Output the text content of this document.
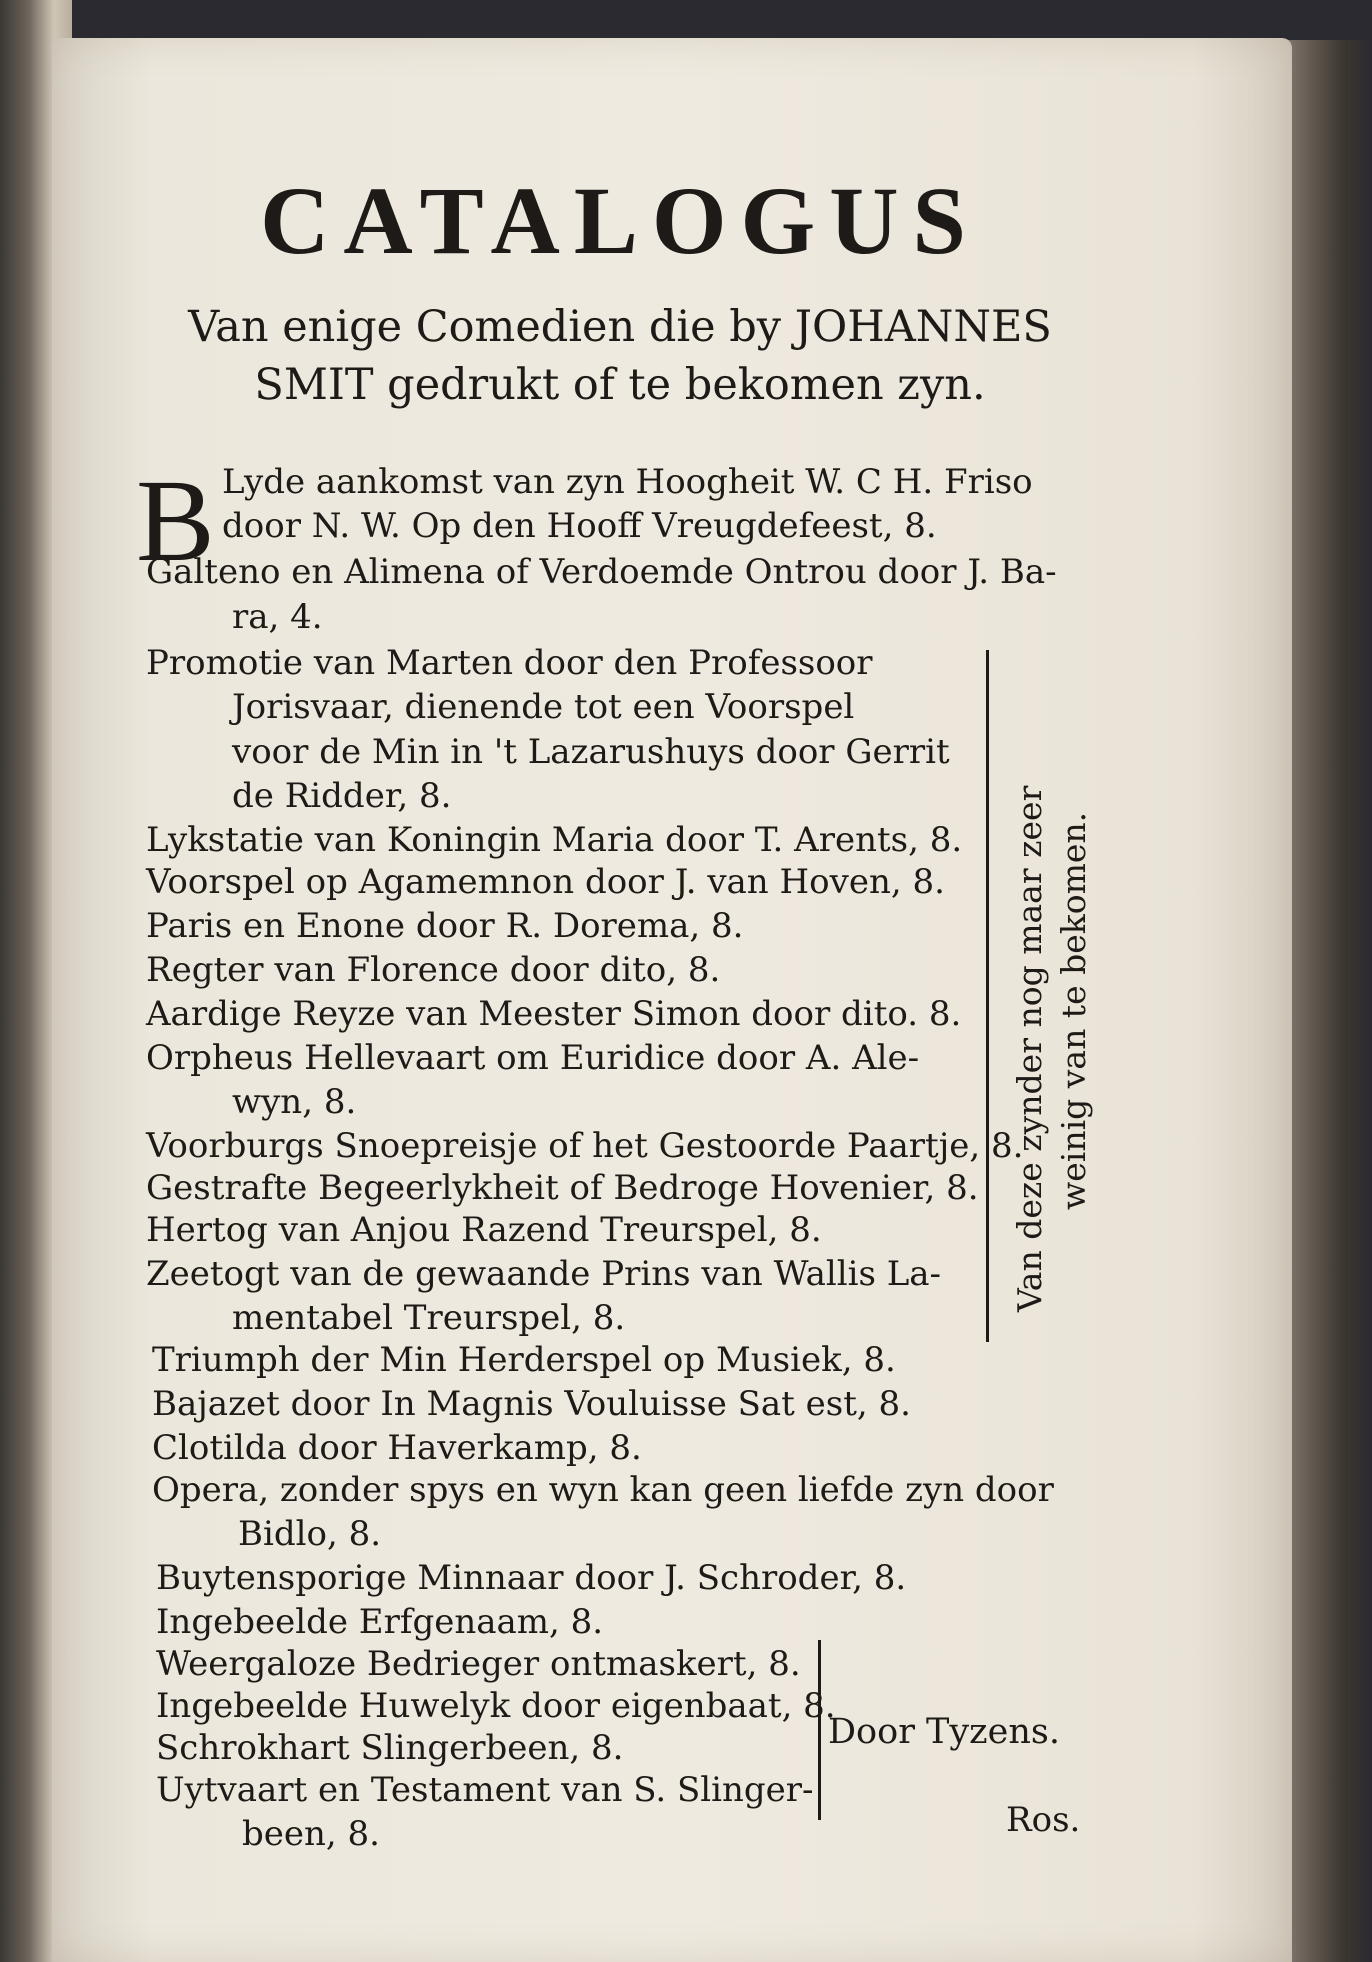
CATALOGUS
Van enige Comedien die by JOHANNES
SMIT gedrukt of te bekomen zyn.
B Lyde aankomst van zyn Hoogheit W. C H. Friso
door N. W. Op den Hooff Vreugdefeest, 8.
Galteno en Alimena of Verdoemde Ontrou door J. Ba-
ra, 4.
Promotie van Marten door den Professoor
Jorisvaar, dienende tot een Voorspel
voor de Min in 't Lazarushuys door Gerrit
de Ridder, 8.
Lykstatie van Koningin Maria door T. Arents, 8.
Voorspel op Agamemnon door J. van Hoven, 8.
Paris en Enone door R. Dorema, 8.
Regter van Florence door dito, 8.
Aardige Reyze van Meester Simon door dito. 8.
Orpheus Hellevaart om Euridice door A. Ale-
wyn, 8.
Voorburgs Snoepreisje of het Gestoorde Paartje, 8.
Gestrafte Begeerlykheit of Bedroge Hovenier, 8.
Hertog van Anjou Razend Treurspel, 8.
Zeetogt van de gewaande Prins van Wallis La-
mentabel Treurspel, 8.
Triumph der Min Herderspel op Musiek, 8.
Bajazet door In Magnis Vouluisse Sat est, 8.
Clotilda door Haverkamp, 8.
Opera, zonder spys en wyn kan geen liefde zyn door
Bidlo, 8.
Buytensporige Minnaar door J. Schroder, 8.
Ingebeelde Erfgenaam, 8.
Weergaloze Bedrieger ontmaskert, 8.
Ingebeelde Huwelyk door eigenbaat, 8.
Schrokhart Slingerbeen, 8.
Uytvaart en Testament van S. Slinger-
been, 8.
Van deze zynder nog maar zeer weinig van te bekomen.
Door Tyzens.
Ros.
